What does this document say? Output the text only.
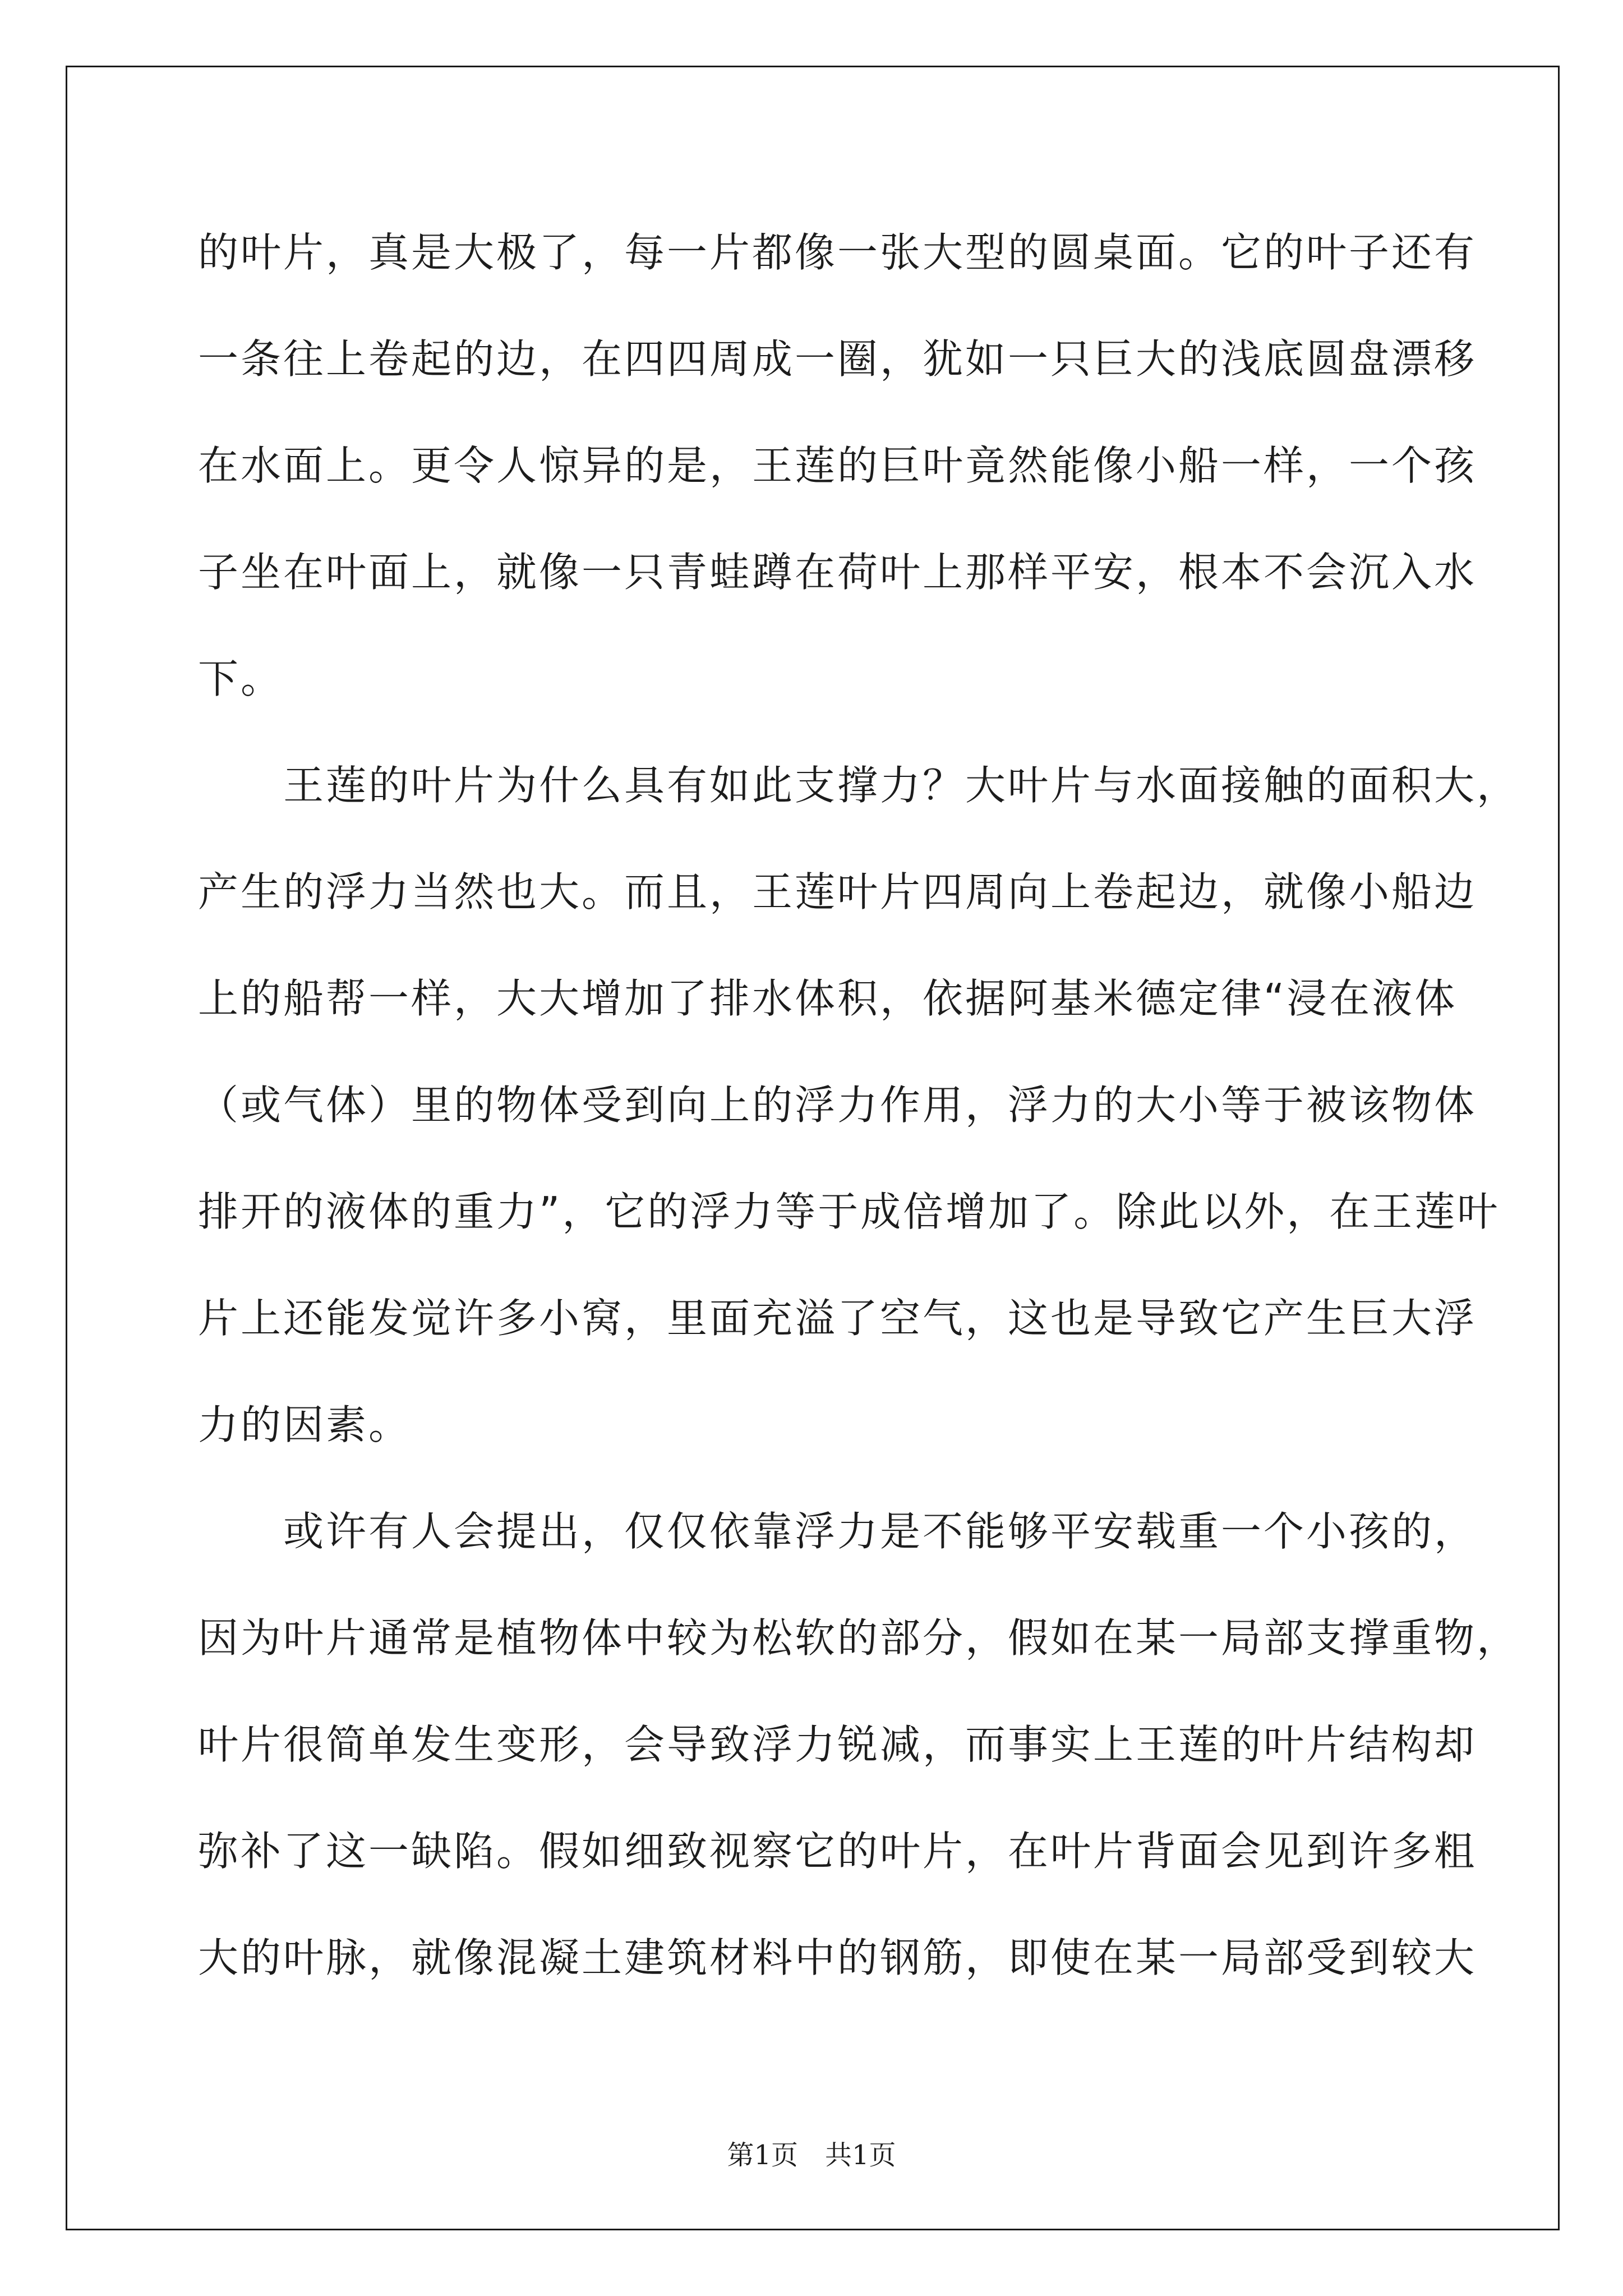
的叶片，真是大极了，每一片都像一张大型的圆桌面。它的叶子还有
一条往上卷起的边，在四四周成一圈，犹如一只巨大的浅底圆盘漂移
在水面上。更令人惊异的是，王莲的巨叶竟然能像小船一样，一个孩
子坐在叶面上，就像一只青蛙蹲在荷叶上那样平安，根本不会沉入水
下。
　　王莲的叶片为什么具有如此支撑力？大叶片与水面接触的面积大，
产生的浮力当然也大。而且，王莲叶片四周向上卷起边，就像小船边
上的船帮一样，大大增加了排水体积，依据阿基米德定律“浸在液体
（或气体）里的物体受到向上的浮力作用，浮力的大小等于被该物体
排开的液体的重力”，它的浮力等于成倍增加了。除此以外，在王莲叶
片上还能发觉许多小窝，里面充溢了空气，这也是导致它产生巨大浮
力的因素。
　　或许有人会提出，仅仅依靠浮力是不能够平安载重一个小孩的，
因为叶片通常是植物体中较为松软的部分，假如在某一局部支撑重物，
叶片很简单发生变形，会导致浮力锐减，而事实上王莲的叶片结构却
弥补了这一缺陷。假如细致视察它的叶片，在叶片背面会见到许多粗
大的叶脉，就像混凝土建筑材料中的钢筋，即使在某一局部受到较大
第1页　共1页
